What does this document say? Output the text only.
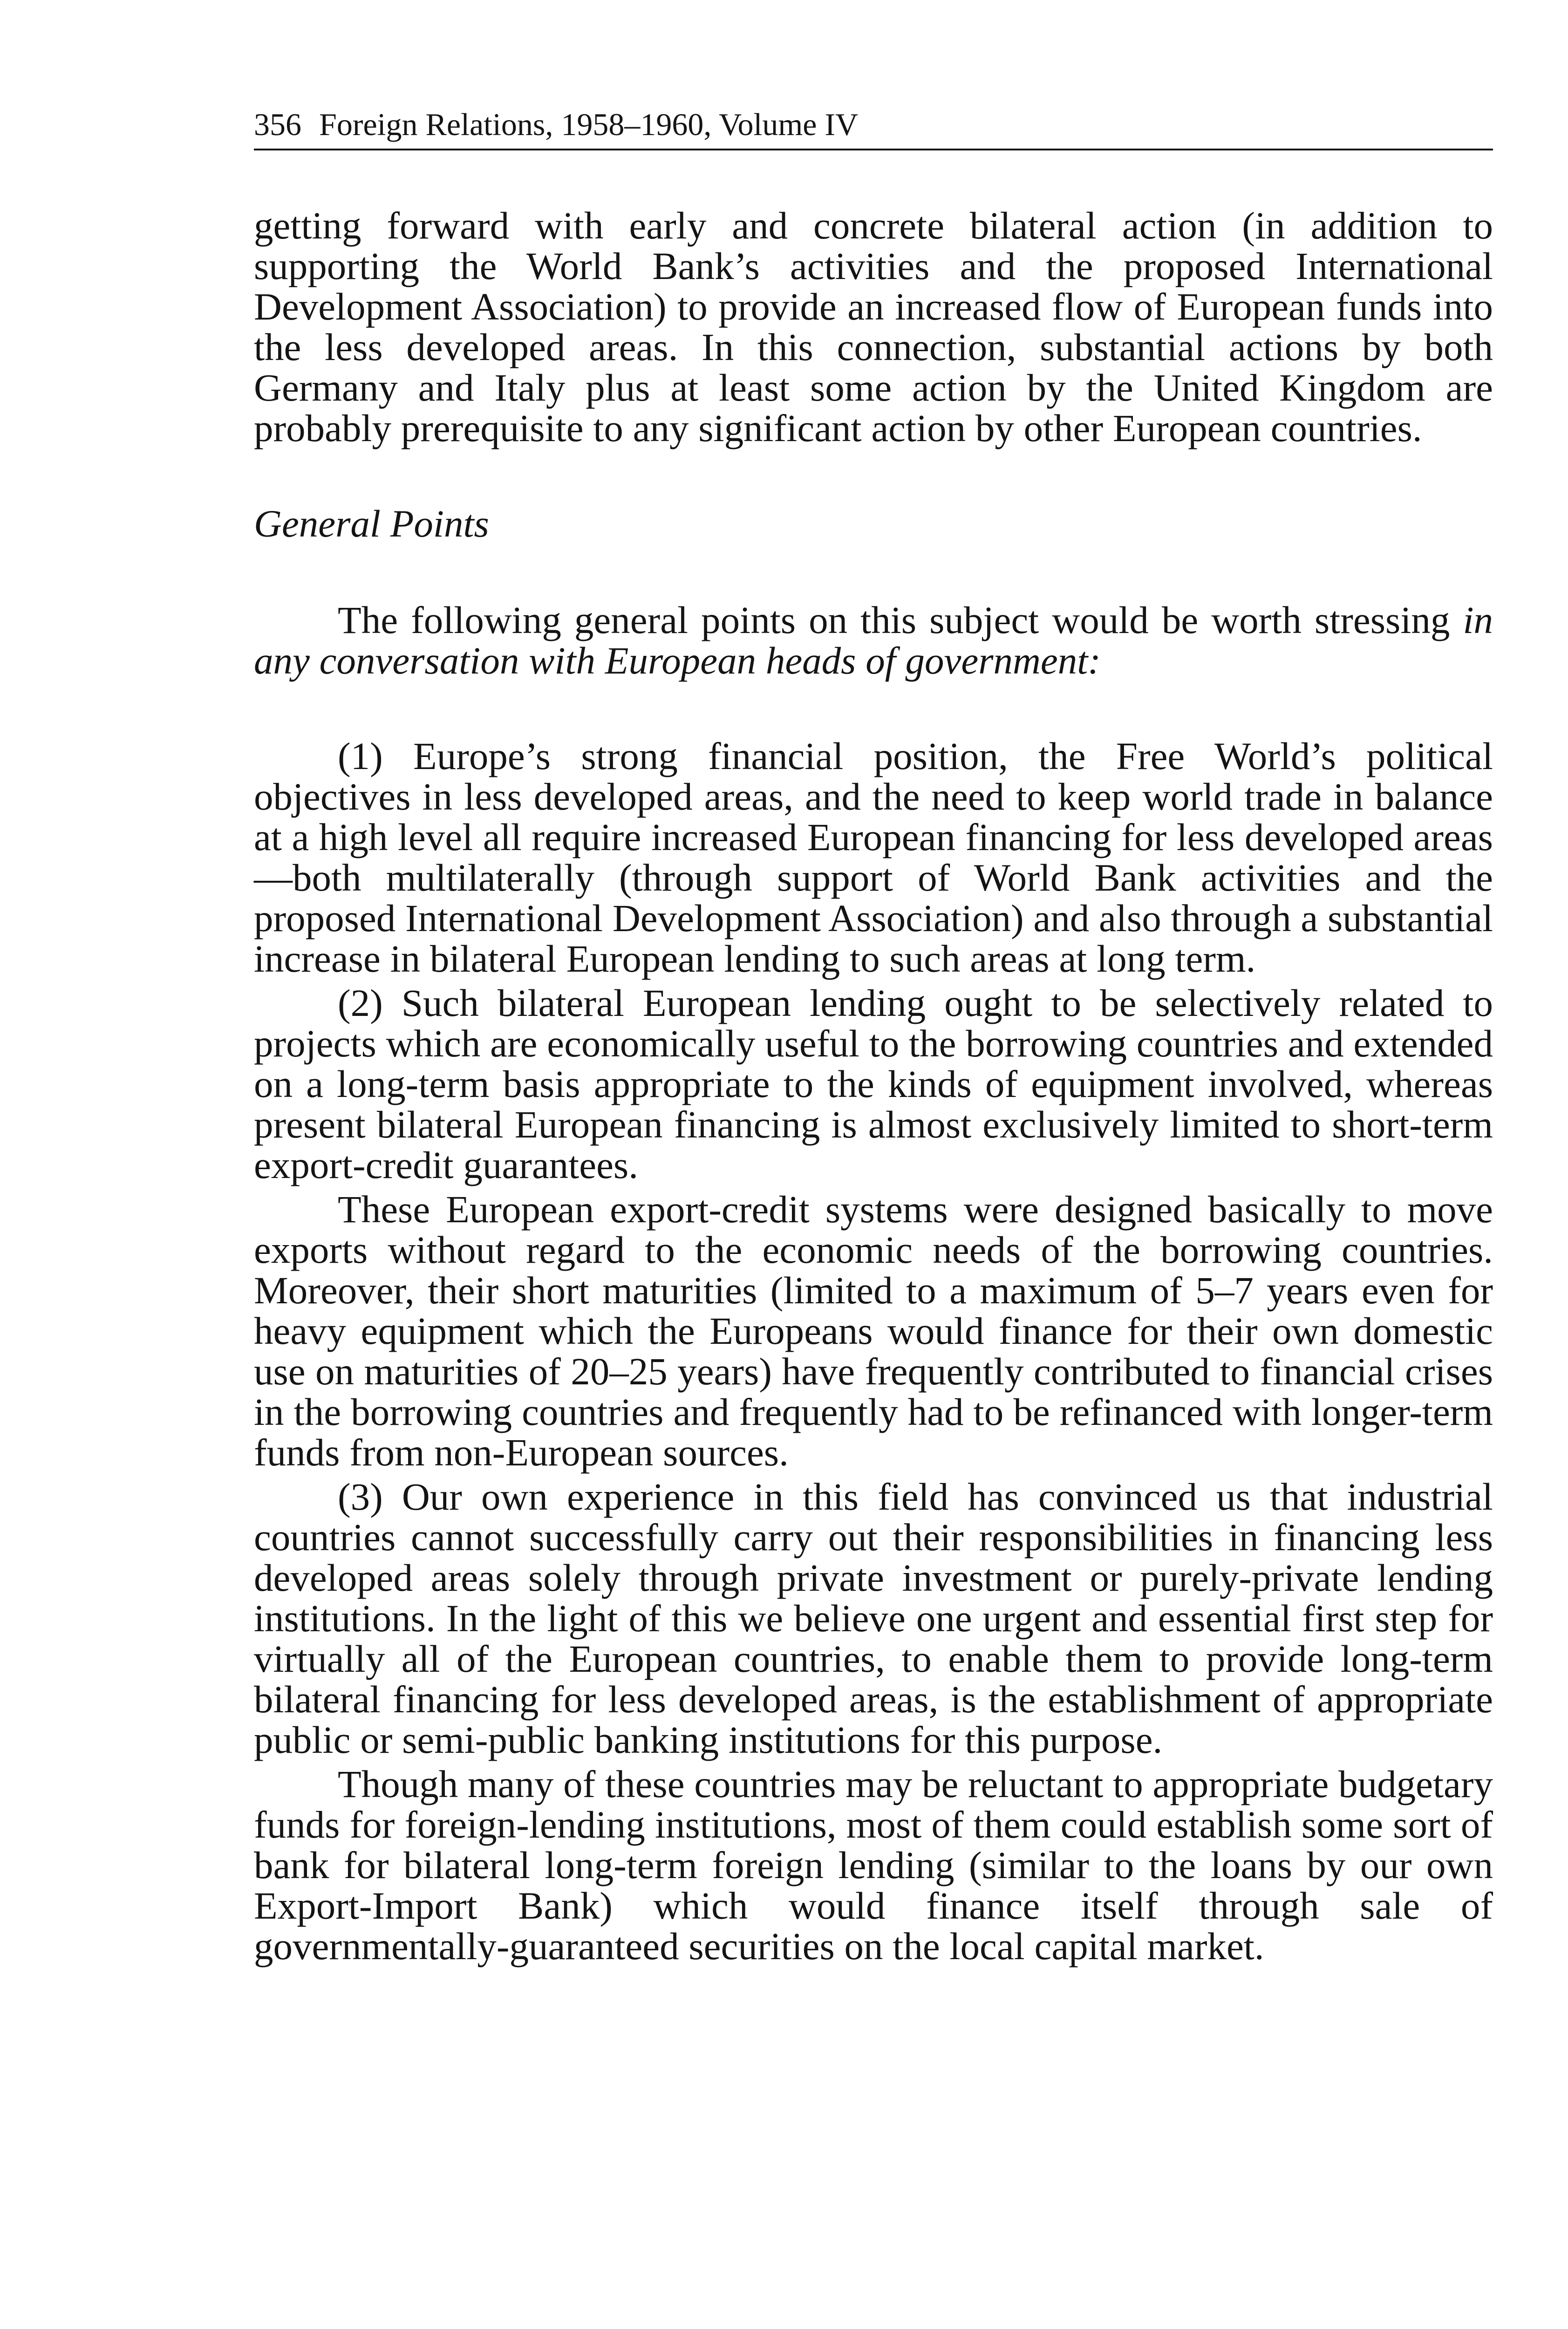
356 Foreign Relations, 1958–1960, Volume IV

getting forward with early and concrete bilateral action (in addition to supporting the World Bank’s activities and the proposed International Development Association) to provide an increased flow of European funds into the less developed areas. In this connection, substantial actions by both Germany and Italy plus at least some action by the United Kingdom are probably prerequisite to any significant action by other European countries.

General Points

The following general points on this subject would be worth stressing in any conversation with European heads of government:

(1) Europe’s strong financial position, the Free World’s political objectives in less developed areas, and the need to keep world trade in balance at a high level all require increased European financing for less developed areas—both multilaterally (through support of World Bank activities and the proposed International Development Association) and also through a substantial increase in bilateral European lending to such areas at long term.

(2) Such bilateral European lending ought to be selectively related to projects which are economically useful to the borrowing countries and extended on a long-term basis appropriate to the kinds of equipment involved, whereas present bilateral European financing is almost exclusively limited to short-term export-credit guarantees.

These European export-credit systems were designed basically to move exports without regard to the economic needs of the borrowing countries. Moreover, their short maturities (limited to a maximum of 5–7 years even for heavy equipment which the Europeans would finance for their own domestic use on maturities of 20–25 years) have frequently contributed to financial crises in the borrowing countries and frequently had to be refinanced with longer-term funds from non-European sources.

(3) Our own experience in this field has convinced us that industrial countries cannot successfully carry out their responsibilities in financing less developed areas solely through private investment or purely-private lending institutions. In the light of this we believe one urgent and essential first step for virtually all of the European countries, to enable them to provide long-term bilateral financing for less developed areas, is the establishment of appropriate public or semi-public banking institutions for this purpose.

Though many of these countries may be reluctant to appropriate budgetary funds for foreign-lending institutions, most of them could establish some sort of bank for bilateral long-term foreign lending (similar to the loans by our own Export-Import Bank) which would finance itself through sale of governmentally-guaranteed securities on the local capital market.
